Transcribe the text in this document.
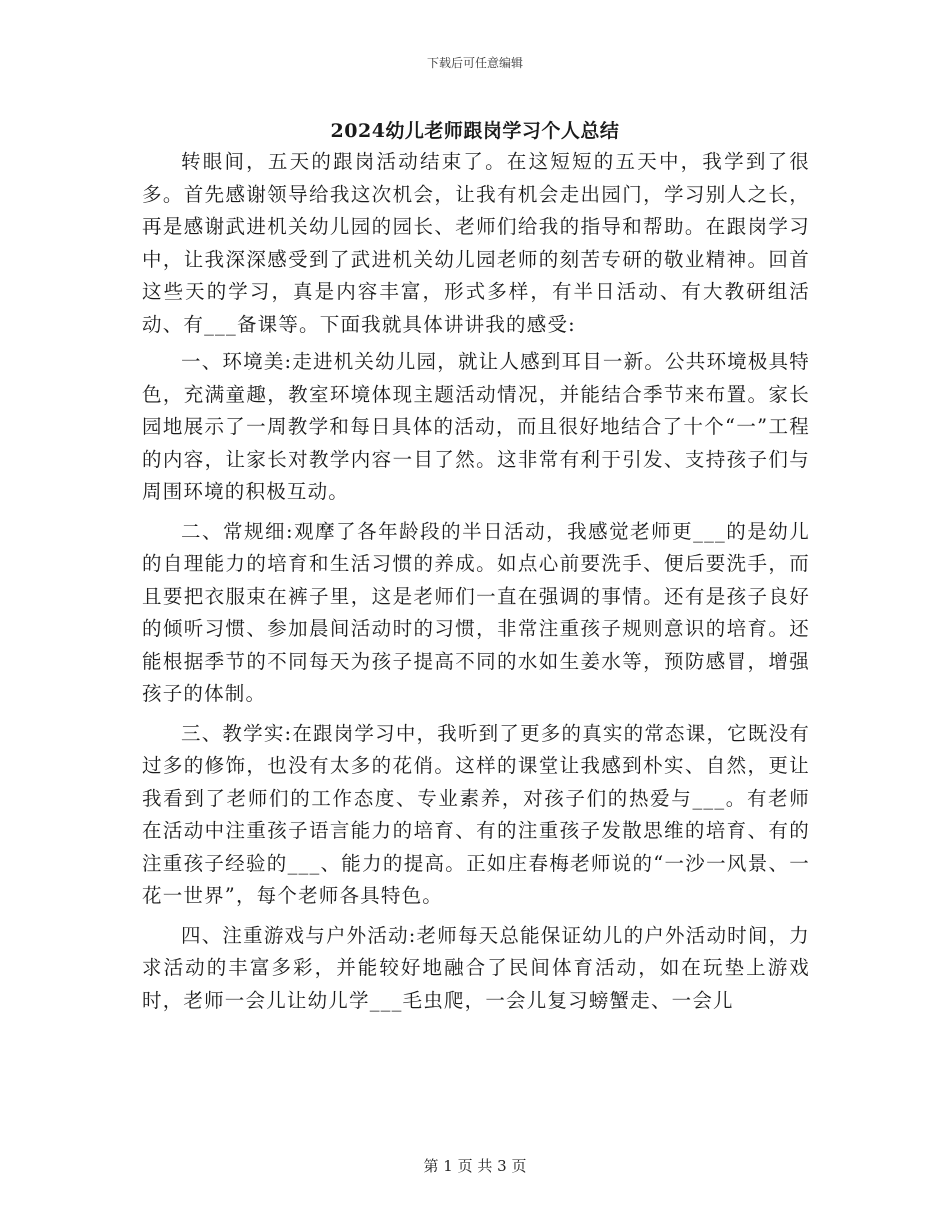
下载后可任意编辑
2024幼儿老师跟岗学习个人总结

转眼间，五天的跟岗活动结束了。在这短短的五天中，我学到了很多。首先感谢领导给我这次机会，让我有机会走出园门，学习别人之长，再是感谢武进机关幼儿园的园长、老师们给我的指导和帮助。在跟岗学习中，让我深深感受到了武进机关幼儿园老师的刻苦专研的敬业精神。回首这些天的学习，真是内容丰富，形式多样，有半日活动、有大教研组活动、有___备课等。下面我就具体讲讲我的感受:

一、环境美:走进机关幼儿园，就让人感到耳目一新。公共环境极具特色，充满童趣，教室环境体现主题活动情况，并能结合季节来布置。家长园地展示了一周教学和每日具体的活动，而且很好地结合了十个“一”工程的内容，让家长对教学内容一目了然。这非常有利于引发、支持孩子们与周围环境的积极互动。

二、常规细:观摩了各年龄段的半日活动，我感觉老师更___的是幼儿的自理能力的培育和生活习惯的养成。如点心前要洗手、便后要洗手，而且要把衣服束在裤子里，这是老师们一直在强调的事情。还有是孩子良好的倾听习惯、参加晨间活动时的习惯，非常注重孩子规则意识的培育。还能根据季节的不同每天为孩子提高不同的水如生姜水等，预防感冒，增强孩子的体制。

三、教学实:在跟岗学习中，我听到了更多的真实的常态课，它既没有过多的修饰，也没有太多的花俏。这样的课堂让我感到朴实、自然，更让我看到了老师们的工作态度、专业素养，对孩子们的热爱与___。有老师在活动中注重孩子语言能力的培育、有的注重孩子发散思维的培育、有的注重孩子经验的___、能力的提高。正如庄春梅老师说的“一沙一风景、一花一世界”，每个老师各具特色。

四、注重游戏与户外活动:老师每天总能保证幼儿的户外活动时间，力求活动的丰富多彩，并能较好地融合了民间体育活动，如在玩垫上游戏时，老师一会儿让幼儿学___毛虫爬，一会儿复习螃蟹走、一会儿

第 1 页 共 3 页
